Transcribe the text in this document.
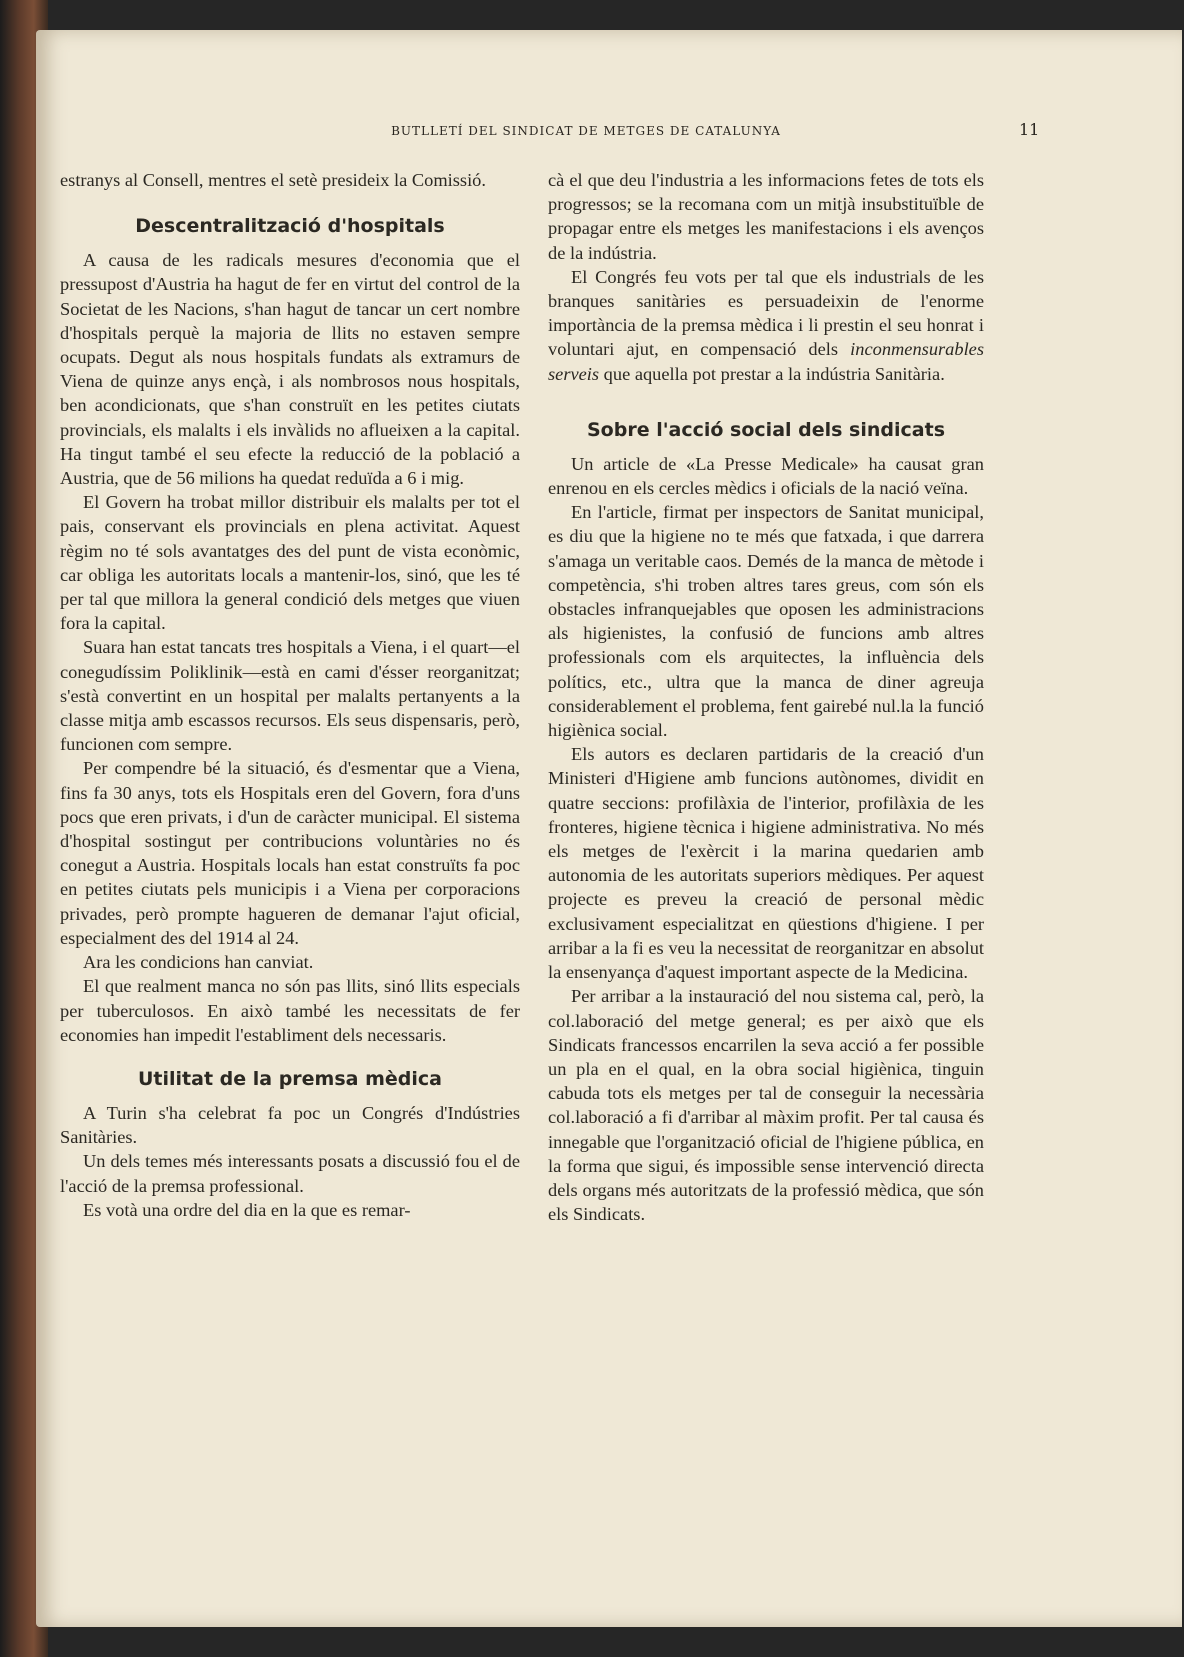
BUTLLETÍ DEL SINDICAT DE METGES DE CATALUNYA	11

estranys al Consell, mentres el setè presideix la Comissió.

Descentralització d'hospitals

A causa de les radicals mesures d'economia que el pressupost d'Austria ha hagut de fer en virtut del control de la Societat de les Nacions, s'han hagut de tancar un cert nombre d'hospitals perquè la majoria de llits no estaven sempre ocupats. Degut als nous hospitals fundats als extramurs de Viena de quinze anys ençà, i als nombrosos nous hospitals, ben acondicionats, que s'han construït en les petites ciutats provincials, els malalts i els invàlids no aflueixen a la capital. Ha tingut també el seu efecte la reducció de la població a Austria, que de 56 milions ha quedat reduïda a 6 i mig.

El Govern ha trobat millor distribuir els malalts per tot el pais, conservant els provincials en plena activitat. Aquest règim no té sols avantatges des del punt de vista econòmic, car obliga les autoritats locals a mantenir-los, sinó, que les té per tal que millora la general condició dels metges que viuen fora la capital.

Suara han estat tancats tres hospitals a Viena, i el quart—el conegudíssim Poliklinik—està en cami d'ésser reorganitzat; s'està convertint en un hospital per malalts pertanyents a la classe mitja amb escassos recursos. Els seus dispensaris, però, funcionen com sempre.

Per compendre bé la situació, és d'esmentar que a Viena, fins fa 30 anys, tots els Hospitals eren del Govern, fora d'uns pocs que eren privats, i d'un de caràcter municipal. El sistema d'hospital sostingut per contribucions voluntàries no és conegut a Austria. Hospitals locals han estat construïts fa poc en petites ciutats pels municipis i a Viena per corporacions privades, però prompte hagueren de demanar l'ajut oficial, especialment des del 1914 al 24.

Ara les condicions han canviat.

El que realment manca no són pas llits, sinó llits especials per tuberculosos. En això també les necessitats de fer economies han impedit l'establiment dels necessaris.

Utilitat de la premsa mèdica

A Turin s'ha celebrat fa poc un Congrés d'Indústries Sanitàries.

Un dels temes més interessants posats a discussió fou el de l'acció de la premsa professional.

Es votà una ordre del dia en la que es remar-

cà el que deu l'industria a les informacions fetes de tots els progressos; se la recomana com un mitjà insubstituïble de propagar entre els metges les manifestacions i els avenços de la indústria.

El Congrés feu vots per tal que els industrials de les branques sanitàries es persuadeixin de l'enorme importància de la premsa mèdica i li prestin el seu honrat i voluntari ajut, en compensació dels inconmensurables serveis que aquella pot prestar a la indústria Sanitària.

Sobre l'acció social dels sindicats

Un article de «La Presse Medicale» ha causat gran enrenou en els cercles mèdics i oficials de la nació veïna.

En l'article, firmat per inspectors de Sanitat municipal, es diu que la higiene no te més que fatxada, i que darrera s'amaga un veritable caos. Demés de la manca de mètode i competència, s'hi troben altres tares greus, com són els obstacles infranquejables que oposen les administracions als higienistes, la confusió de funcions amb altres professionals com els arquitectes, la influència dels polítics, etc., ultra que la manca de diner agreuja considerablement el problema, fent gairebé nul.la la funció higiènica social.

Els autors es declaren partidaris de la creació d'un Ministeri d'Higiene amb funcions autònomes, dividit en quatre seccions: profilàxia de l'interior, profilàxia de les fronteres, higiene tècnica i higiene administrativa. No més els metges de l'exèrcit i la marina quedarien amb autonomia de les autoritats superiors mèdiques. Per aquest projecte es preveu la creació de personal mèdic exclusivament especialitzat en qüestions d'higiene. I per arribar a la fi es veu la necessitat de reorganitzar en absolut la ensenyança d'aquest important aspecte de la Medicina.

Per arribar a la instauració del nou sistema cal, però, la col.laboració del metge general; es per això que els Sindicats francessos encarrilen la seva acció a fer possible un pla en el qual, en la obra social higiènica, tinguin cabuda tots els metges per tal de conseguir la necessària col.laboració a fi d'arribar al màxim profit. Per tal causa és innegable que l'organització oficial de l'higiene pública, en la forma que sigui, és impossible sense intervenció directa dels organs més autoritzats de la professió mèdica, que són els Sindicats.
